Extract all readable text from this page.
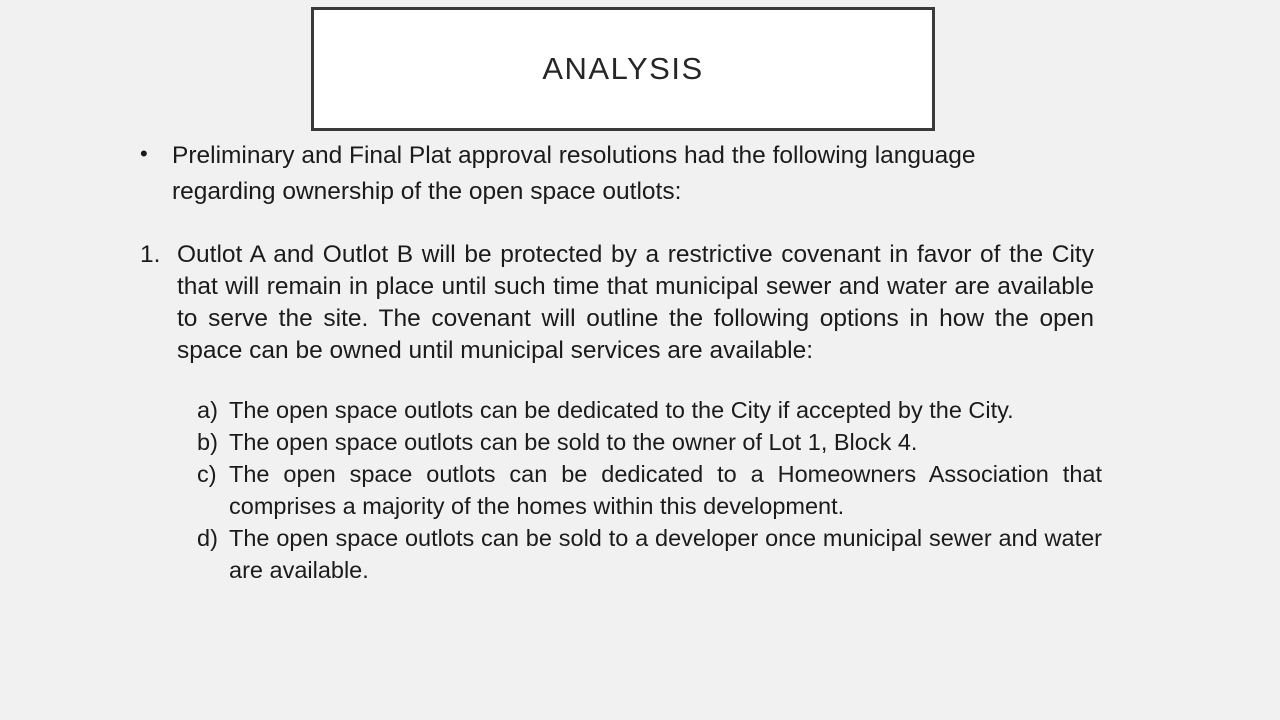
ANALYSIS
• Preliminary and Final Plat approval resolutions had the following language regarding ownership of the open space outlots:
1. Outlot A and Outlot B will be protected by a restrictive covenant in favor of the City that will remain in place until such time that municipal sewer and water are available to serve the site. The covenant will outline the following options in how the open space can be owned until municipal services are available:
a) The open space outlots can be dedicated to the City if accepted by the City.
b) The open space outlots can be sold to the owner of Lot 1, Block 4.
c) The open space outlots can be dedicated to a Homeowners Association that comprises a majority of the homes within this development.
d) The open space outlots can be sold to a developer once municipal sewer and water are available.
